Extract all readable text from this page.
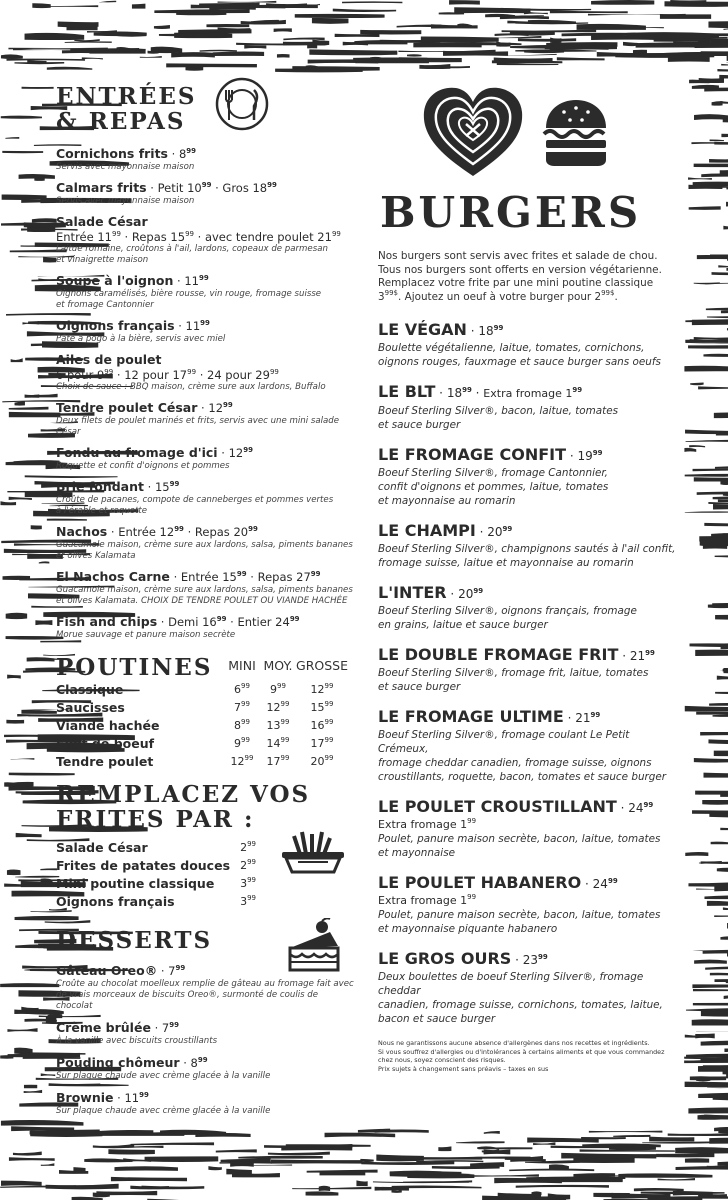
ENTRÉES
& REPAS
Cornichons frits · $8^{99}$
Servis avec mayonnaise maison
Calmars frits · Petit $10^{99}$ · Gros $18^{99}$
Servis avec mayonnaise maison
Salade César
Entrée $11^{99}$ · Repas $15^{99}$ · avec tendre poulet $21^{99}$
Laitue romaine, croûtons à l'ail, lardons, copeaux de parmesan
et vinaigrette maison
Soupe à l'oignon · $11^{99}$
Oignons caramélisés, bière rousse, vin rouge, fromage suisse
et fromage Cantonnier
Oignons français · $11^{99}$
Pâte à pogo à la bière, servis avec miel
Ailes de poulet
6 pour $9^{99} \cdot 12$ pour $17^{99} \cdot 24$ pour $29^{99}$
Choix de sauce : BBQ maison, crème sure aux lardons, Buffalo
Tendre poulet César · $12^{99}$
Deux filets de poulet marinés et frits, servis avec une mini salade César
Fondu au fromage $d'ici \cdot 12^{99}$
Roquette et confit d'oignons et pommes
Brie fondant · $15^{99}$
Croûte de pacanes, compote de canneberges et pommes vertes
à l'érable et roquette
Nachos · Entrée $12^{99}$ · Repas $20^{99}$
Guacamole maison, crème sure aux lardons, salsa, piments bananes
et olives Kalamata
El Nachos Carne · Entrée $15^{99}$ · Repas $27^{99}$
Guacamole maison, crème sure aux lardons, salsa, piments bananes
et olives Kalamata. CHOIX DE TENDRE POULET OU VIANDE HACHÉE
Fish and chips · Demi $16^{99}$ · Entier $24^{99}$
Morue sauvage et panure maison secrète
POUTINES
		MINI	MOY.	GROSSE
Classique	$6^{99}$	$9^{99}$	$12^{99}$
Saucisses	$7^{99}$	$12^{99}$	$15^{99}$
Viande hachée	$8^{99}$	$13^{99}$	$16^{99}$
Filet de boeuf	$9^{99}$	$14^{99}$	$17^{99}$
Tendre poulet	$12^{99}$	$17^{99}$	$20^{99}$
REMPLACEZ VOS
FRITES PAR :
Salade César	$2^{99}$
Frites de patates douces $2^{99}$
Mini poutine classique $3^{99}$
Oignons français	$3^{99}$
DESSERTS
Gâteau Oreo® · $7^{99}$
Croûte au chocolat moelleux remplie de gâteau au fromage fait avec
de vrais morceaux de biscuits Oreo®, surmonté de coulis de chocolat
Crème brûlée · $7^{99}$
À la vanille avec biscuits croustillants
Pouding chômeur · $8^{99}$
Sur plaque chaude avec crème glacée à la vanille
Brownie · $11^{99}$
Sur plaque chaude avec crème glacée à la vanille
BURGERS
Nos burgers sont servis avec frites et salade de chou.
Tous nos burgers sont offerts en version végétarienne.
Remplacez votre frite par une mini poutine classique
$3^{99\$}$. Ajoutez un oeuf à votre burger pour $2^{99\$}$.
LE VÉGAN · $18^{99}$
Boulette végétalienne, laitue, tomates, cornichons,
oignons rouges, fauxmage et sauce burger sans oeufs
LE BLT · $18^{99}$ · Extra fromage $1^{99}$
Boeuf Sterling Silver®, bacon, laitue, tomates
et sauce burger
LE FROMAGE CONFIT · $19^{99}$
Boeuf Sterling Silver®, fromage Cantonnier,
confit d'oignons et pommes, laitue, tomates
et mayonnaise au romarin
LE CHAMPI · $20^{99}$
Boeuf Sterling Silver®, champignons sautés à l'ail confit,
fromage suisse, laitue et mayonnaise au romarin
L'INTER · $20^{99}$
Boeuf Sterling Silver®, oignons français, fromage
en grains, laitue et sauce burger
LE DOUBLE FROMAGE FRIT · $21^{99}$
Boeuf Sterling Silver®, fromage frit, laitue, tomates
et sauce burger
LE FROMAGE ULTIME · $21^{99}$
Boeuf Sterling Silver®, fromage coulant Le Petit Crémeux,
fromage cheddar canadien, fromage suisse, oignons
croustillants, roquette, bacon, tomates et sauce burger
LE POULET CROUSTILLANT · $24^{99}$
Extra fromage $1^{99}$
Poulet, panure maison secrète, bacon, laitue, tomates
et mayonnaise
LE POULET HABANERO · $24^{99}$
Extra fromage $1^{99}$
Poulet, panure maison secrète, bacon, laitue, tomates
et mayonnaise piquante habanero
LE GROS OURS · $23^{99}$
Deux boulettes de boeuf Sterling Silver®, fromage cheddar
canadien, fromage suisse, cornichons, tomates, laitue,
bacon et sauce burger
Nous ne garantissons aucune absence d'allergènes dans nos recettes et ingrédients.
Si vous souffrez d'allergies ou d'intolérances à certains aliments et que vous commandez
chez nous, soyez conscient des risques.
Prix sujets à changement sans préavis – taxes en sus
